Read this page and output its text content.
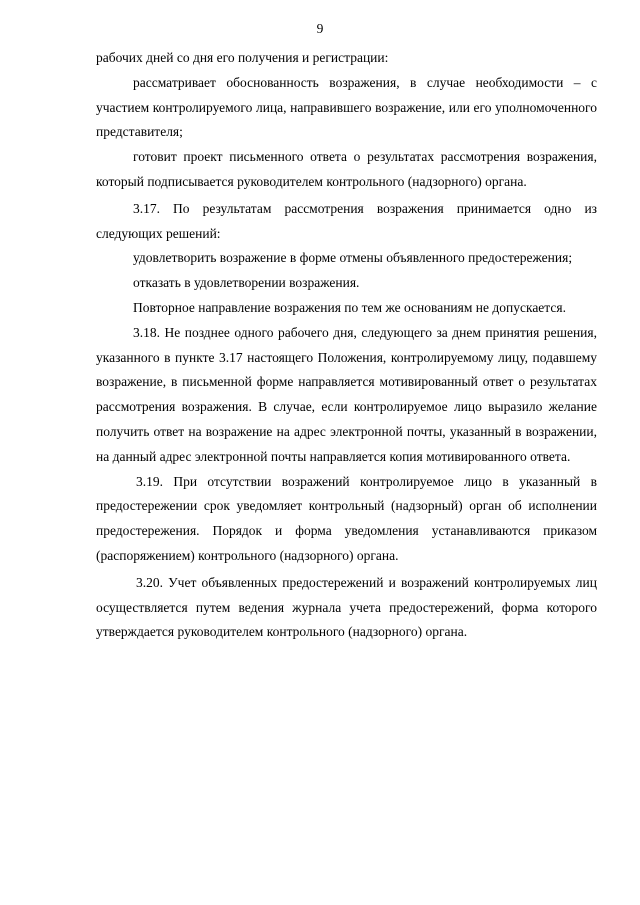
9

рабочих дней со дня его получения и регистрации:

рассматривает обоснованность возражения, в случае необходимости – с участием контролируемого лица, направившего возражение, или его уполномоченного представителя;

готовит проект письменного ответа о результатах рассмотрения возражения, который подписывается руководителем контрольного (надзорного) органа.

3.17. По результатам рассмотрения возражения принимается одно из следующих решений:

удовлетворить возражение в форме отмены объявленного предостережения;

отказать в удовлетворении возражения.

Повторное направление возражения по тем же основаниям не допускается.

3.18. Не позднее одного рабочего дня, следующего за днем принятия решения, указанного в пункте 3.17 настоящего Положения, контролируемому лицу, подавшему возражение, в письменной форме направляется мотивированный ответ о результатах рассмотрения возражения. В случае, если контролируемое лицо выразило желание получить ответ на возражение на адрес электронной почты, указанный в возражении, на данный адрес электронной почты направляется копия мотивированного ответа.

3.19. При отсутствии возражений контролируемое лицо в указанный в предостережении срок уведомляет контрольный (надзорный) орган об исполнении предостережения. Порядок и форма уведомления устанавливаются приказом (распоряжением) контрольного (надзорного) органа.

3.20. Учет объявленных предостережений и возражений контролируемых лиц осуществляется путем ведения журнала учета предостережений, форма которого утверждается руководителем контрольного (надзорного) органа.
